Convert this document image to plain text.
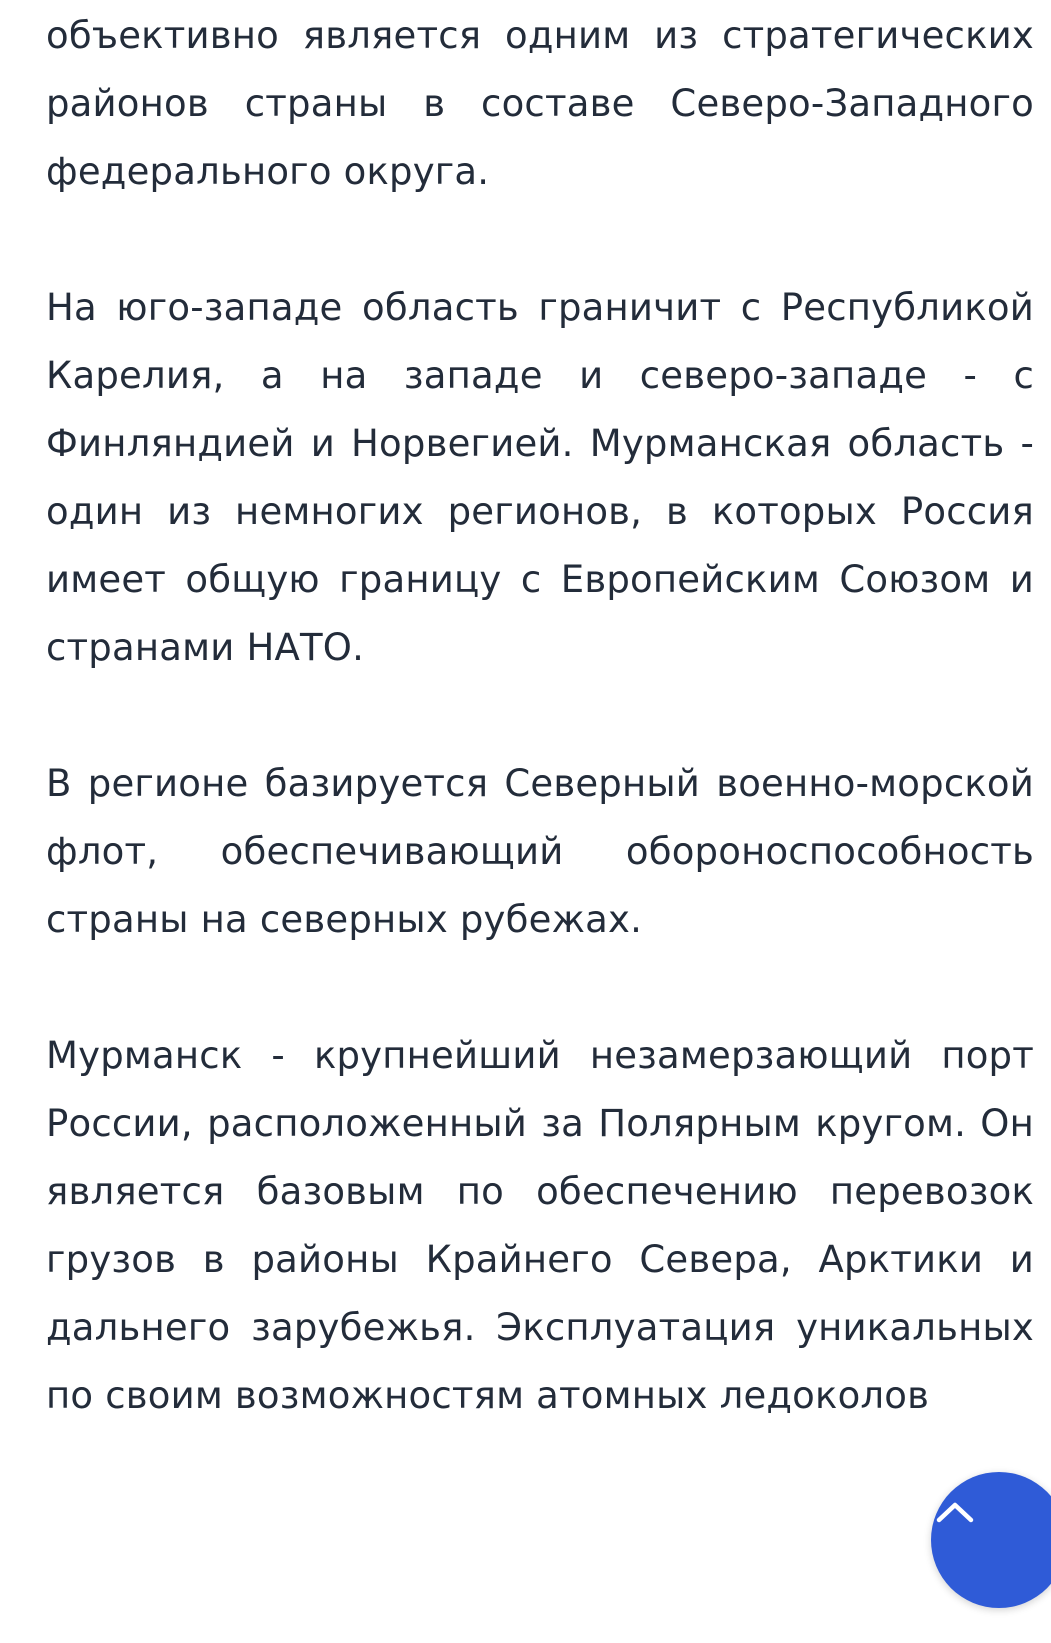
объективно является одним из стратегических районов страны в составе Северо-Западного федерального округа.

На юго-западе область граничит с Республикой Карелия, а на западе и северо-западе - с Финляндией и Норвегией. Мурманская область - один из немногих регионов, в которых Россия имеет общую границу с Европейским Союзом и странами НАТО.

В регионе базируется Северный военно-морской флот, обеспечивающий обороноспособность страны на северных рубежах.

Мурманск - крупнейший незамерзающий порт России, расположенный за Полярным кругом. Он является базовым по обеспечению перевозок грузов в районы Крайнего Севера, Арктики и дальнего зарубежья. Эксплуатация уникальных по своим возможностям атомных ледоколов
